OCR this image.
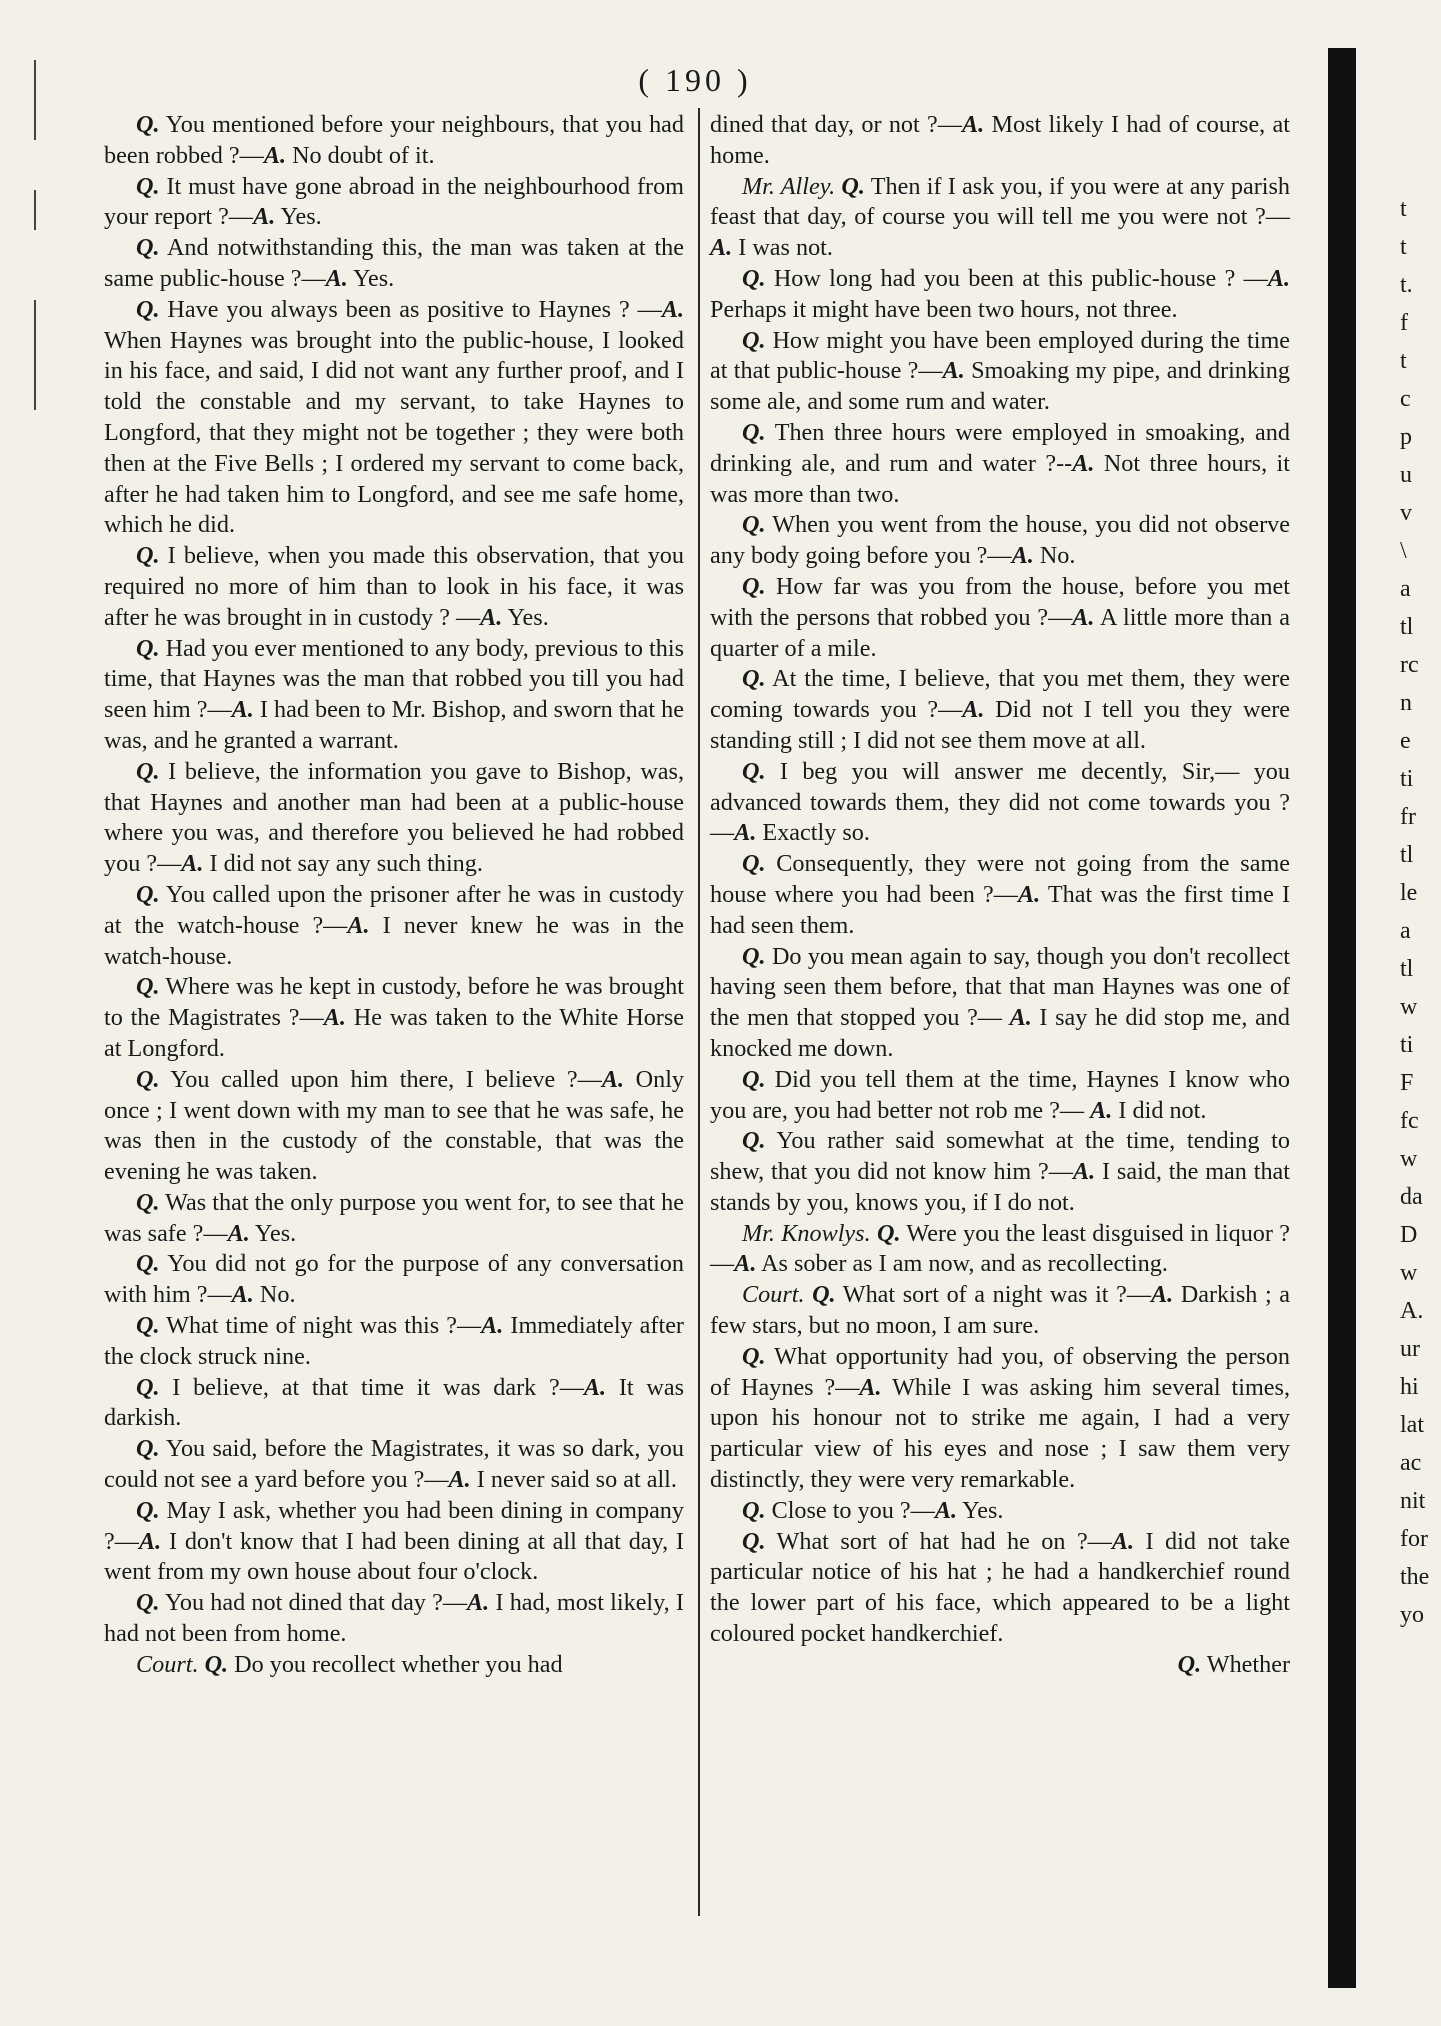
( 190 )

Q. You mentioned before your neighbours, that you had been robbed ?—A. No doubt of it.

Q. It must have gone abroad in the neighbourhood from your report ?—A. Yes.

Q. And notwithstanding this, the man was taken at the same public-house ?—A. Yes.

Q. Have you always been as positive to Haynes ? —A. When Haynes was brought into the public-house, I looked in his face, and said, I did not want any further proof, and I told the constable and my servant, to take Haynes to Longford, that they might not be together ; they were both then at the Five Bells ; I ordered my servant to come back, after he had taken him to Longford, and see me safe home, which he did.

Q. I believe, when you made this observation, that you required no more of him than to look in his face, it was after he was brought in in custody ? —A. Yes.

Q. Had you ever mentioned to any body, previous to this time, that Haynes was the man that robbed you till you had seen him ?—A. I had been to Mr. Bishop, and sworn that he was, and he granted a warrant.

Q. I believe, the information you gave to Bishop, was, that Haynes and another man had been at a public-house where you was, and therefore you believed he had robbed you ?—A. I did not say any such thing.

Q. You called upon the prisoner after he was in custody at the watch-house ?—A. I never knew he was in the watch-house.

Q. Where was he kept in custody, before he was brought to the Magistrates ?—A. He was taken to the White Horse at Longford.

Q. You called upon him there, I believe ?—A. Only once ; I went down with my man to see that he was safe, he was then in the custody of the constable, that was the evening he was taken.

Q. Was that the only purpose you went for, to see that he was safe ?—A. Yes.

Q. You did not go for the purpose of any conversation with him ?—A. No.

Q. What time of night was this ?—A. Immediately after the clock struck nine.

Q. I believe, at that time it was dark ?—A. It was darkish.

Q. You said, before the Magistrates, it was so dark, you could not see a yard before you ?—A. I never said so at all.

Q. May I ask, whether you had been dining in company ?—A. I don't know that I had been dining at all that day, I went from my own house about four o'clock.

Q. You had not dined that day ?—A. I had, most likely, I had not been from home.

Court. Q. Do you recollect whether you had

dined that day, or not ?—A. Most likely I had of course, at home.

Mr. Alley. Q. Then if I ask you, if you were at any parish feast that day, of course you will tell me you were not ?—A. I was not.

Q. How long had you been at this public-house ? —A. Perhaps it might have been two hours, not three.

Q. How might you have been employed during the time at that public-house ?—A. Smoaking my pipe, and drinking some ale, and some rum and water.

Q. Then three hours were employed in smoaking, and drinking ale, and rum and water ?--A. Not three hours, it was more than two.

Q. When you went from the house, you did not observe any body going before you ?—A. No.

Q. How far was you from the house, before you met with the persons that robbed you ?—A. A little more than a quarter of a mile.

Q. At the time, I believe, that you met them, they were coming towards you ?—A. Did not I tell you they were standing still ; I did not see them move at all.

Q. I beg you will answer me decently, Sir,— you advanced towards them, they did not come towards you ?—A. Exactly so.

Q. Consequently, they were not going from the same house where you had been ?—A. That was the first time I had seen them.

Q. Do you mean again to say, though you don't recollect having seen them before, that that man Haynes was one of the men that stopped you ?— A. I say he did stop me, and knocked me down.

Q. Did you tell them at the time, Haynes I know who you are, you had better not rob me ?— A. I did not.

Q. You rather said somewhat at the time, tending to shew, that you did not know him ?—A. I said, the man that stands by you, knows you, if I do not.

Mr. Knowlys. Q. Were you the least disguised in liquor ?—A. As sober as I am now, and as recollecting.

Court. Q. What sort of a night was it ?—A. Darkish ; a few stars, but no moon, I am sure.

Q. What opportunity had you, of observing the person of Haynes ?—A. While I was asking him several times, upon his honour not to strike me again, I had a very particular view of his eyes and nose ; I saw them very distinctly, they were very remarkable.

Q. Close to you ?—A. Yes.

Q. What sort of hat had he on ?—A. I did not take particular notice of his hat ; he had a handkerchief round the lower part of his face, which appeared to be a light coloured pocket handkerchief.

Q. Whether

t
t
t.
f
t
c
p
u
v
\
a
tl
rc
n
e
ti
fr
tl
le
a
tl
w
ti
F
fc
w
da
D
w
A.
ur
hi
lat
ac
nit
for
the
yo
